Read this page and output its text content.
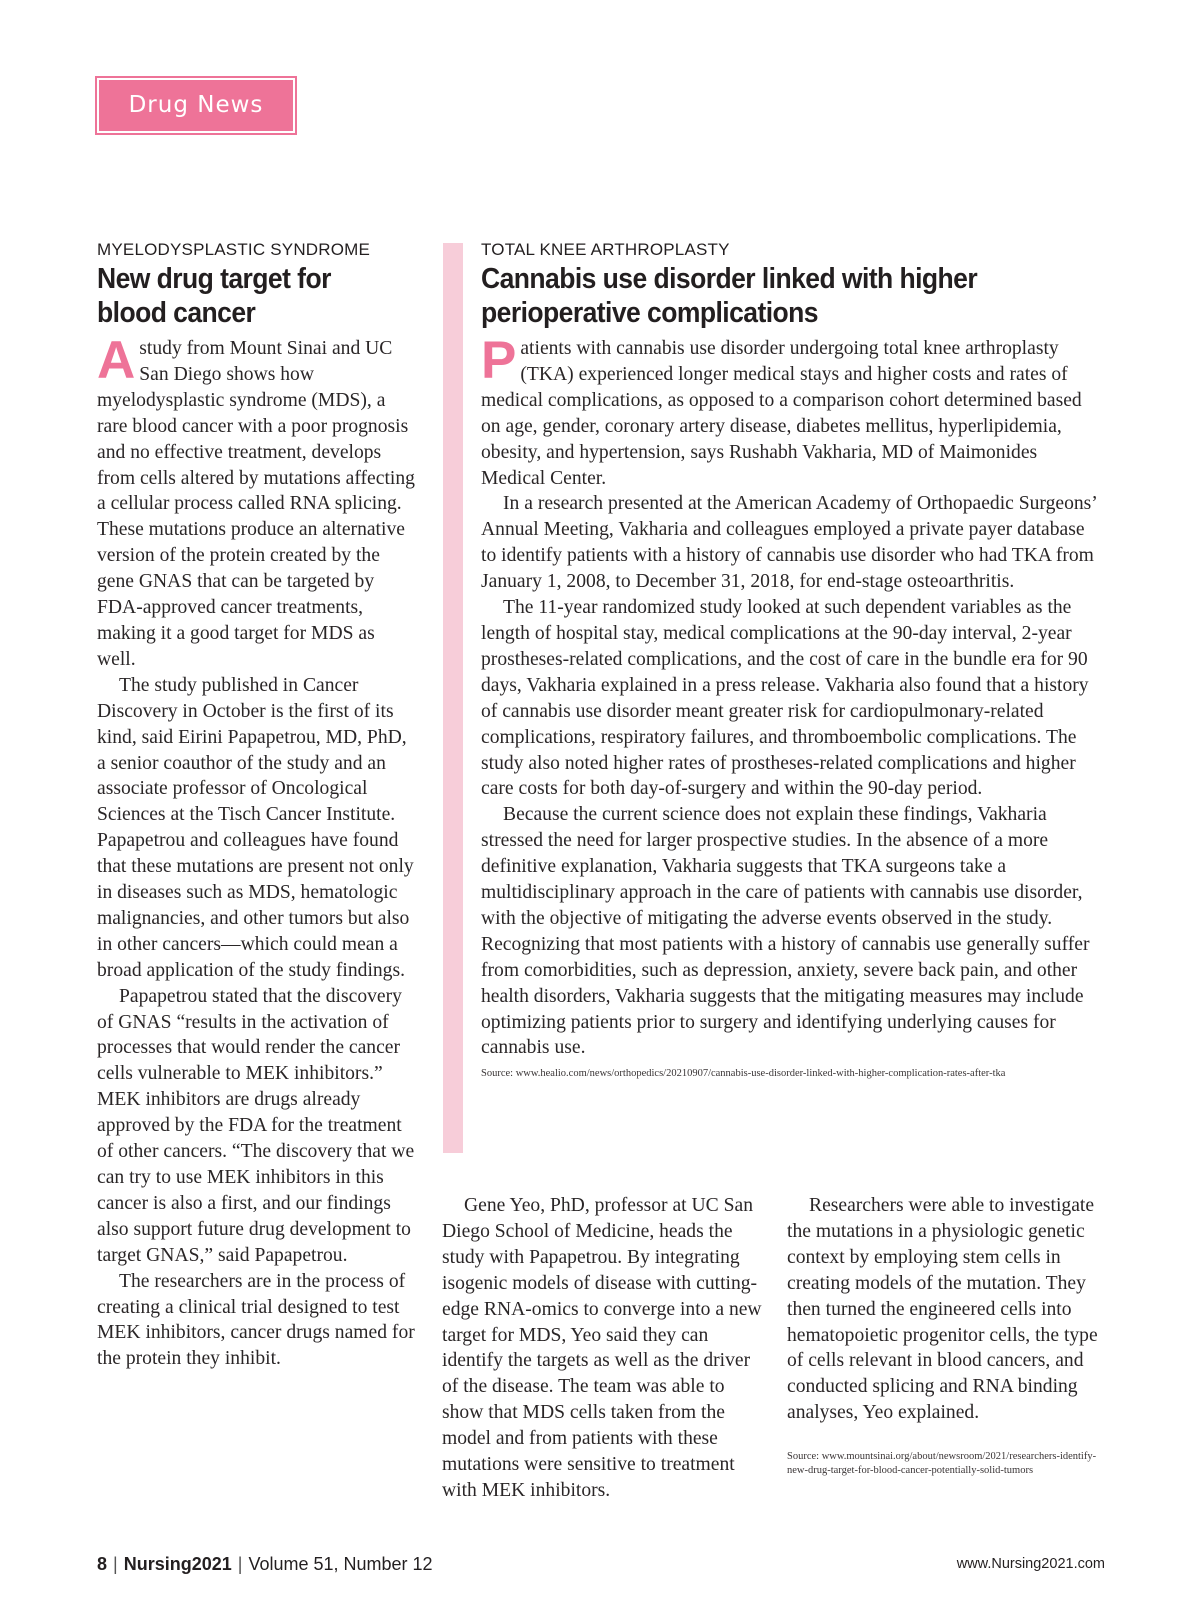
Drug News
MYELODYSPLASTIC SYNDROME
New drug target for blood cancer

Astudy from Mount Sinai and UC San Diego shows how myelodysplastic syndrome (MDS), a rare blood cancer with a poor prognosis and no effective treatment, develops from cells altered by mutations affecting a cellular process called RNA splicing. These mutations produce an alternative version of the protein created by the gene GNAS that can be targeted by FDA-approved cancer treatments, making it a good target for MDS as well.

The study published in Cancer Discovery in October is the first of its kind, said Eirini Papapetrou, MD, PhD, a senior coauthor of the study and an associate professor of Oncological Sciences at the Tisch Cancer Institute. Papapetrou and colleagues have found that these mutations are present not only in diseases such as MDS, hematologic malignancies, and other tumors but also in other cancers—which could mean a broad application of the study findings.

Papapetrou stated that the discovery of GNAS “results in the activation of processes that would render the cancer cells vulnerable to MEK inhibitors.” MEK inhibitors are drugs already approved by the FDA for the treatment of other cancers. “The discovery that we can try to use MEK inhibitors in this cancer is also a first, and our findings also support future drug development to target GNAS,” said Papapetrou.

The researchers are in the process of creating a clinical trial designed to test MEK inhibitors, cancer drugs named for the protein they inhibit.

TOTAL KNEE ARTHROPLASTY
Cannabis use disorder linked with higher perioperative complications

Patients with cannabis use disorder undergoing total knee arthroplasty (TKA) experienced longer medical stays and higher costs and rates of medical complications, as opposed to a comparison cohort determined based on age, gender, coronary artery disease, diabetes mellitus, hyperlipidemia, obesity, and hypertension, says Rushabh Vakharia, MD of Maimonides Medical Center.

In a research presented at the American Academy of Orthopaedic Surgeons’ Annual Meeting, Vakharia and colleagues employed a private payer database to identify patients with a history of cannabis use disorder who had TKA from January 1, 2008, to December 31, 2018, for end-stage osteoarthritis.

The 11-year randomized study looked at such dependent variables as the length of hospital stay, medical complications at the 90-day interval, 2-year prostheses-related complications, and the cost of care in the bundle era for 90 days, Vakharia explained in a press release. Vakharia also found that a history of cannabis use disorder meant greater risk for cardiopulmonary-related complications, respiratory failures, and thromboembolic complications. The study also noted higher rates of prostheses-related complications and higher care costs for both day-of-surgery and within the 90-day period.

Because the current science does not explain these findings, Vakharia stressed the need for larger prospective studies. In the absence of a more definitive explanation, Vakharia suggests that TKA surgeons take a multidisciplinary approach in the care of patients with cannabis use disorder, with the objective of mitigating the adverse events observed in the study. Recognizing that most patients with a history of cannabis use generally suffer from comorbidities, such as depression, anxiety, severe back pain, and other health disorders, Vakharia suggests that the mitigating measures may include optimizing patients prior to surgery and identifying underlying causes for cannabis use.

Source: www.healio.com/news/orthopedics/20210907/cannabis-use-disorder-linked-with-higher-complication-rates-after-tka

Gene Yeo, PhD, professor at UC San Diego School of Medicine, heads the study with Papapetrou. By integrating isogenic models of disease with cutting-edge RNA-omics to converge into a new target for MDS, Yeo said they can identify the targets as well as the driver of the disease. The team was able to show that MDS cells taken from the model and from patients with these mutations were sensitive to treatment with MEK inhibitors.

Researchers were able to investigate the mutations in a physiologic genetic context by employing stem cells in creating models of the mutation. They then turned the engineered cells into hematopoietic progenitor cells, the type of cells relevant in blood cancers, and conducted splicing and RNA binding analyses, Yeo explained.

Source: www.mountsinai.org/about/newsroom/2021/researchers-identify-new-drug-target-for-blood-cancer-potentially-solid-tumors
8 | Nursing2021 | Volume 51, Number 12	www.Nursing2021.com
